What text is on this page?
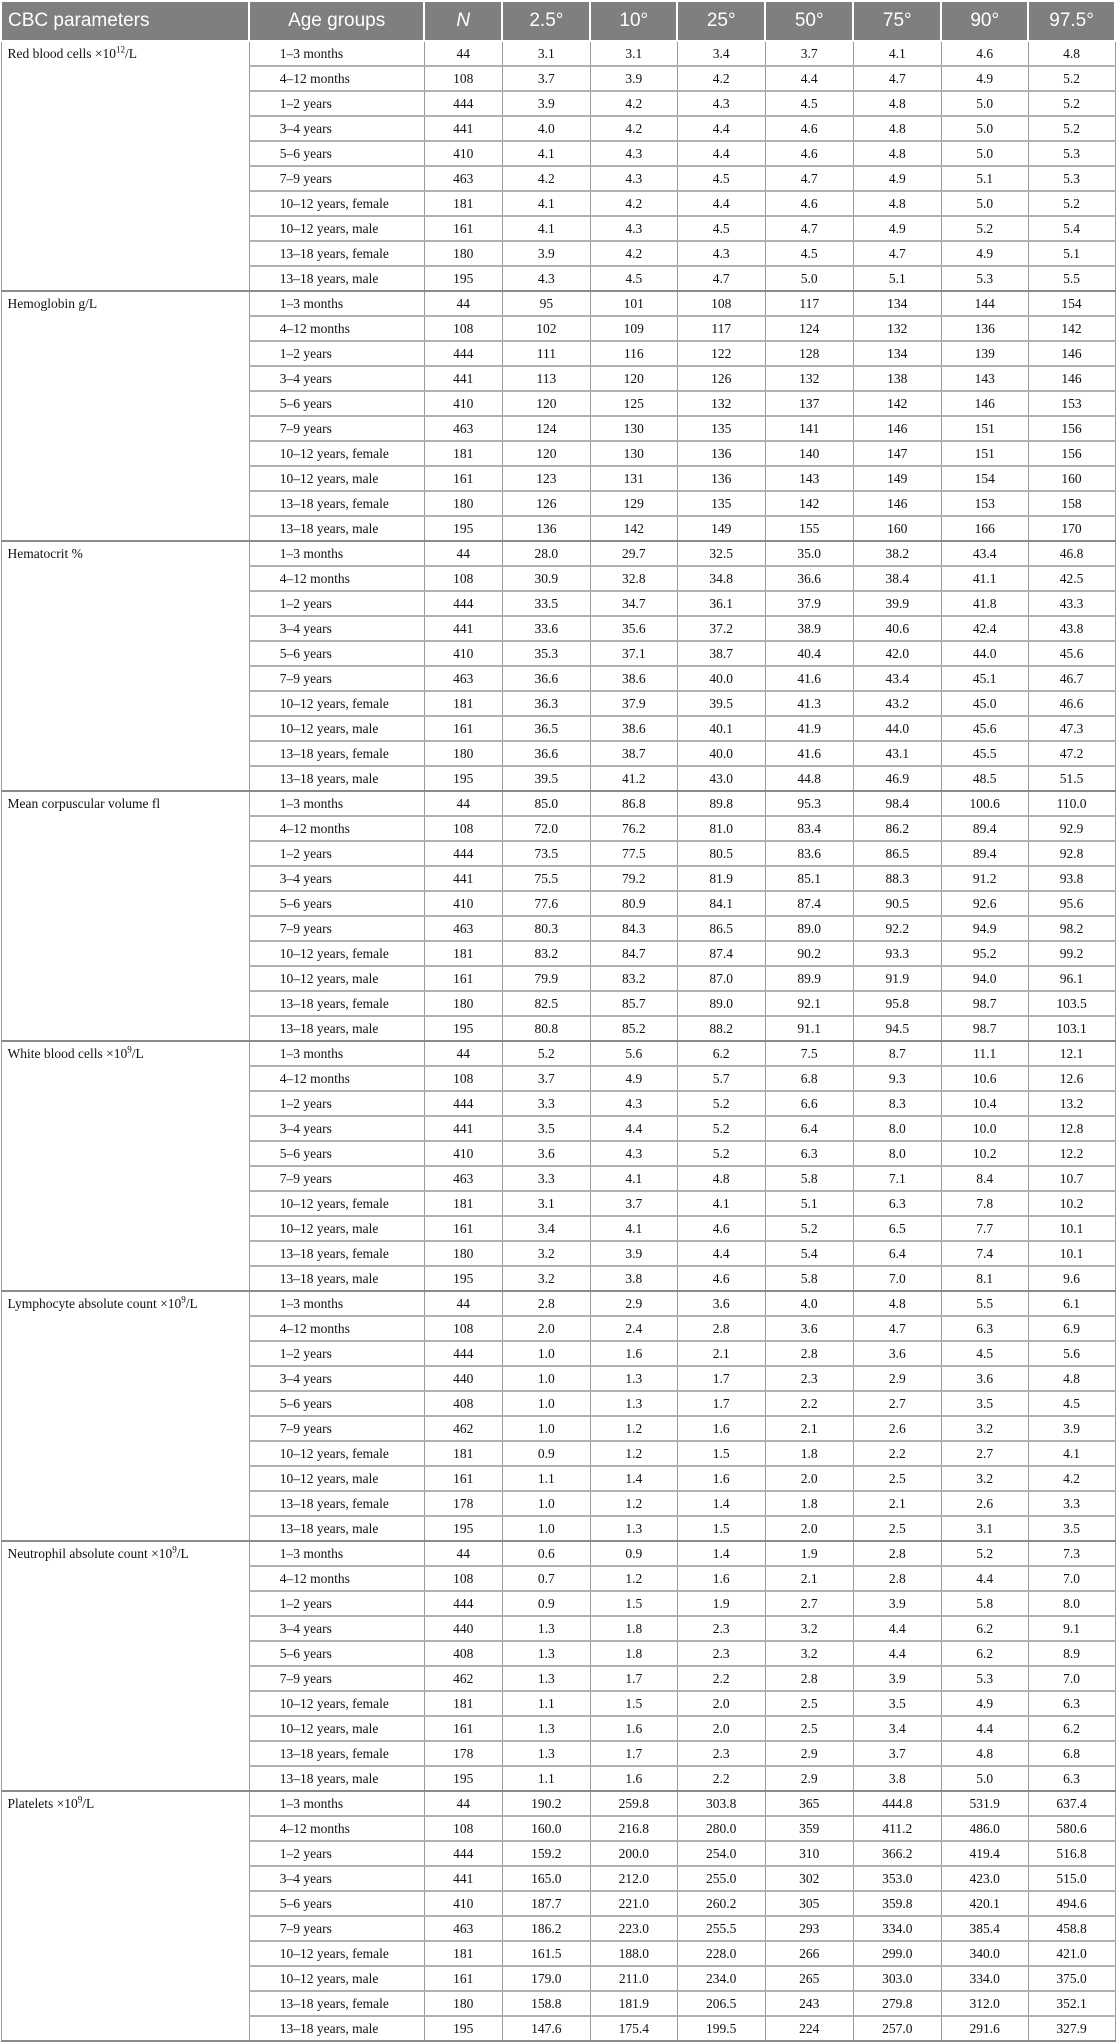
CBC parameters	Age groups	N	2.5°	10°	25°	50°	75°	90°	97.5°
Red blood cells $\times 10^{12}/L$	1–3 months	44	3.1	3.1	3.4	3.7	4.1	4.6	4.8
	4–12 months	108	3.7	3.9	4.2	4.4	4.7	4.9	5.2
	1–2 years	444	3.9	4.2	4.3	4.5	4.8	5.0	5.2
	3–4 years	441	4.0	4.2	4.4	4.6	4.8	5.0	5.2
	5–6 years	410	4.1	4.3	4.4	4.6	4.8	5.0	5.3
	7–9 years	463	4.2	4.3	4.5	4.7	4.9	5.1	5.3
	10–12 years, female	181	4.1	4.2	4.4	4.6	4.8	5.0	5.2
	10–12 years, male	161	4.1	4.3	4.5	4.7	4.9	5.2	5.4
	13–18 years, female	180	3.9	4.2	4.3	4.5	4.7	4.9	5.1
	13–18 years, male	195	4.3	4.5	4.7	5.0	5.1	5.3	5.5
Hemoglobin g/L	1–3 months	44	95	101	108	117	134	144	154
	4–12 months	108	102	109	117	124	132	136	142
	1–2 years	444	111	116	122	128	134	139	146
	3–4 years	441	113	120	126	132	138	143	146
	5–6 years	410	120	125	132	137	142	146	153
	7–9 years	463	124	130	135	141	146	151	156
	10–12 years, female	181	120	130	136	140	147	151	156
	10–12 years, male	161	123	131	136	143	149	154	160
	13–18 years, female	180	126	129	135	142	146	153	158
	13–18 years, male	195	136	142	149	155	160	166	170
Hematocrit %	1–3 months	44	28.0	29.7	32.5	35.0	38.2	43.4	46.8
	4–12 months	108	30.9	32.8	34.8	36.6	38.4	41.1	42.5
	1–2 years	444	33.5	34.7	36.1	37.9	39.9	41.8	43.3
	3–4 years	441	33.6	35.6	37.2	38.9	40.6	42.4	43.8
	5–6 years	410	35.3	37.1	38.7	40.4	42.0	44.0	45.6
	7–9 years	463	36.6	38.6	40.0	41.6	43.4	45.1	46.7
	10–12 years, female	181	36.3	37.9	39.5	41.3	43.2	45.0	46.6
	10–12 years, male	161	36.5	38.6	40.1	41.9	44.0	45.6	47.3
	13–18 years, female	180	36.6	38.7	40.0	41.6	43.1	45.5	47.2
	13–18 years, male	195	39.5	41.2	43.0	44.8	46.9	48.5	51.5
Mean corpuscular volume fl	1–3 months	44	85.0	86.8	89.8	95.3	98.4	100.6	110.0
	4–12 months	108	72.0	76.2	81.0	83.4	86.2	89.4	92.9
	1–2 years	444	73.5	77.5	80.5	83.6	86.5	89.4	92.8
	3–4 years	441	75.5	79.2	81.9	85.1	88.3	91.2	93.8
	5–6 years	410	77.6	80.9	84.1	87.4	90.5	92.6	95.6
	7–9 years	463	80.3	84.3	86.5	89.0	92.2	94.9	98.2
	10–12 years, female	181	83.2	84.7	87.4	90.2	93.3	95.2	99.2
	10–12 years, male	161	79.9	83.2	87.0	89.9	91.9	94.0	96.1
	13–18 years, female	180	82.5	85.7	89.0	92.1	95.8	98.7	103.5
	13–18 years, male	195	80.8	85.2	88.2	91.1	94.5	98.7	103.1
White blood cells $\times 10^9/L$	1–3 months	44	5.2	5.6	6.2	7.5	8.7	11.1	12.1
	4–12 months	108	3.7	4.9	5.7	6.8	9.3	10.6	12.6
	1–2 years	444	3.3	4.3	5.2	6.6	8.3	10.4	13.2
	3–4 years	441	3.5	4.4	5.2	6.4	8.0	10.0	12.8
	5–6 years	410	3.6	4.3	5.2	6.3	8.0	10.2	12.2
	7–9 years	463	3.3	4.1	4.8	5.8	7.1	8.4	10.7
	10–12 years, female	181	3.1	3.7	4.1	5.1	6.3	7.8	10.2
	10–12 years, male	161	3.4	4.1	4.6	5.2	6.5	7.7	10.1
	13–18 years, female	180	3.2	3.9	4.4	5.4	6.4	7.4	10.1
	13–18 years, male	195	3.2	3.8	4.6	5.8	7.0	8.1	9.6
Lymphocyte absolute count $\times 10^9/L$	1–3 months	44	2.8	2.9	3.6	4.0	4.8	5.5	6.1
	4–12 months	108	2.0	2.4	2.8	3.6	4.7	6.3	6.9
	1–2 years	444	1.0	1.6	2.1	2.8	3.6	4.5	5.6
	3–4 years	440	1.0	1.3	1.7	2.3	2.9	3.6	4.8
	5–6 years	408	1.0	1.3	1.7	2.2	2.7	3.5	4.5
	7–9 years	462	1.0	1.2	1.6	2.1	2.6	3.2	3.9
	10–12 years, female	181	0.9	1.2	1.5	1.8	2.2	2.7	4.1
	10–12 years, male	161	1.1	1.4	1.6	2.0	2.5	3.2	4.2
	13–18 years, female	178	1.0	1.2	1.4	1.8	2.1	2.6	3.3
	13–18 years, male	195	1.0	1.3	1.5	2.0	2.5	3.1	3.5
Neutrophil absolute count $\times 10^9/L$	1–3 months	44	0.6	0.9	1.4	1.9	2.8	5.2	7.3
	4–12 months	108	0.7	1.2	1.6	2.1	2.8	4.4	7.0
	1–2 years	444	0.9	1.5	1.9	2.7	3.9	5.8	8.0
	3–4 years	440	1.3	1.8	2.3	3.2	4.4	6.2	9.1
	5–6 years	408	1.3	1.8	2.3	3.2	4.4	6.2	8.9
	7–9 years	462	1.3	1.7	2.2	2.8	3.9	5.3	7.0
	10–12 years, female	181	1.1	1.5	2.0	2.5	3.5	4.9	6.3
	10–12 years, male	161	1.3	1.6	2.0	2.5	3.4	4.4	6.2
	13–18 years, female	178	1.3	1.7	2.3	2.9	3.7	4.8	6.8
	13–18 years, male	195	1.1	1.6	2.2	2.9	3.8	5.0	6.3
Platelets $\times 10^9/L$	1–3 months	44	190.2	259.8	303.8	365	444.8	531.9	637.4
	4–12 months	108	160.0	216.8	280.0	359	411.2	486.0	580.6
	1–2 years	444	159.2	200.0	254.0	310	366.2	419.4	516.8
	3–4 years	441	165.0	212.0	255.0	302	353.0	423.0	515.0
	5–6 years	410	187.7	221.0	260.2	305	359.8	420.1	494.6
	7–9 years	463	186.2	223.0	255.5	293	334.0	385.4	458.8
	10–12 years, female	181	161.5	188.0	228.0	266	299.0	340.0	421.0
	10–12 years, male	161	179.0	211.0	234.0	265	303.0	334.0	375.0
	13–18 years, female	180	158.8	181.9	206.5	243	279.8	312.0	352.1
	13–18 years, male	195	147.6	175.4	199.5	224	257.0	291.6	327.9
